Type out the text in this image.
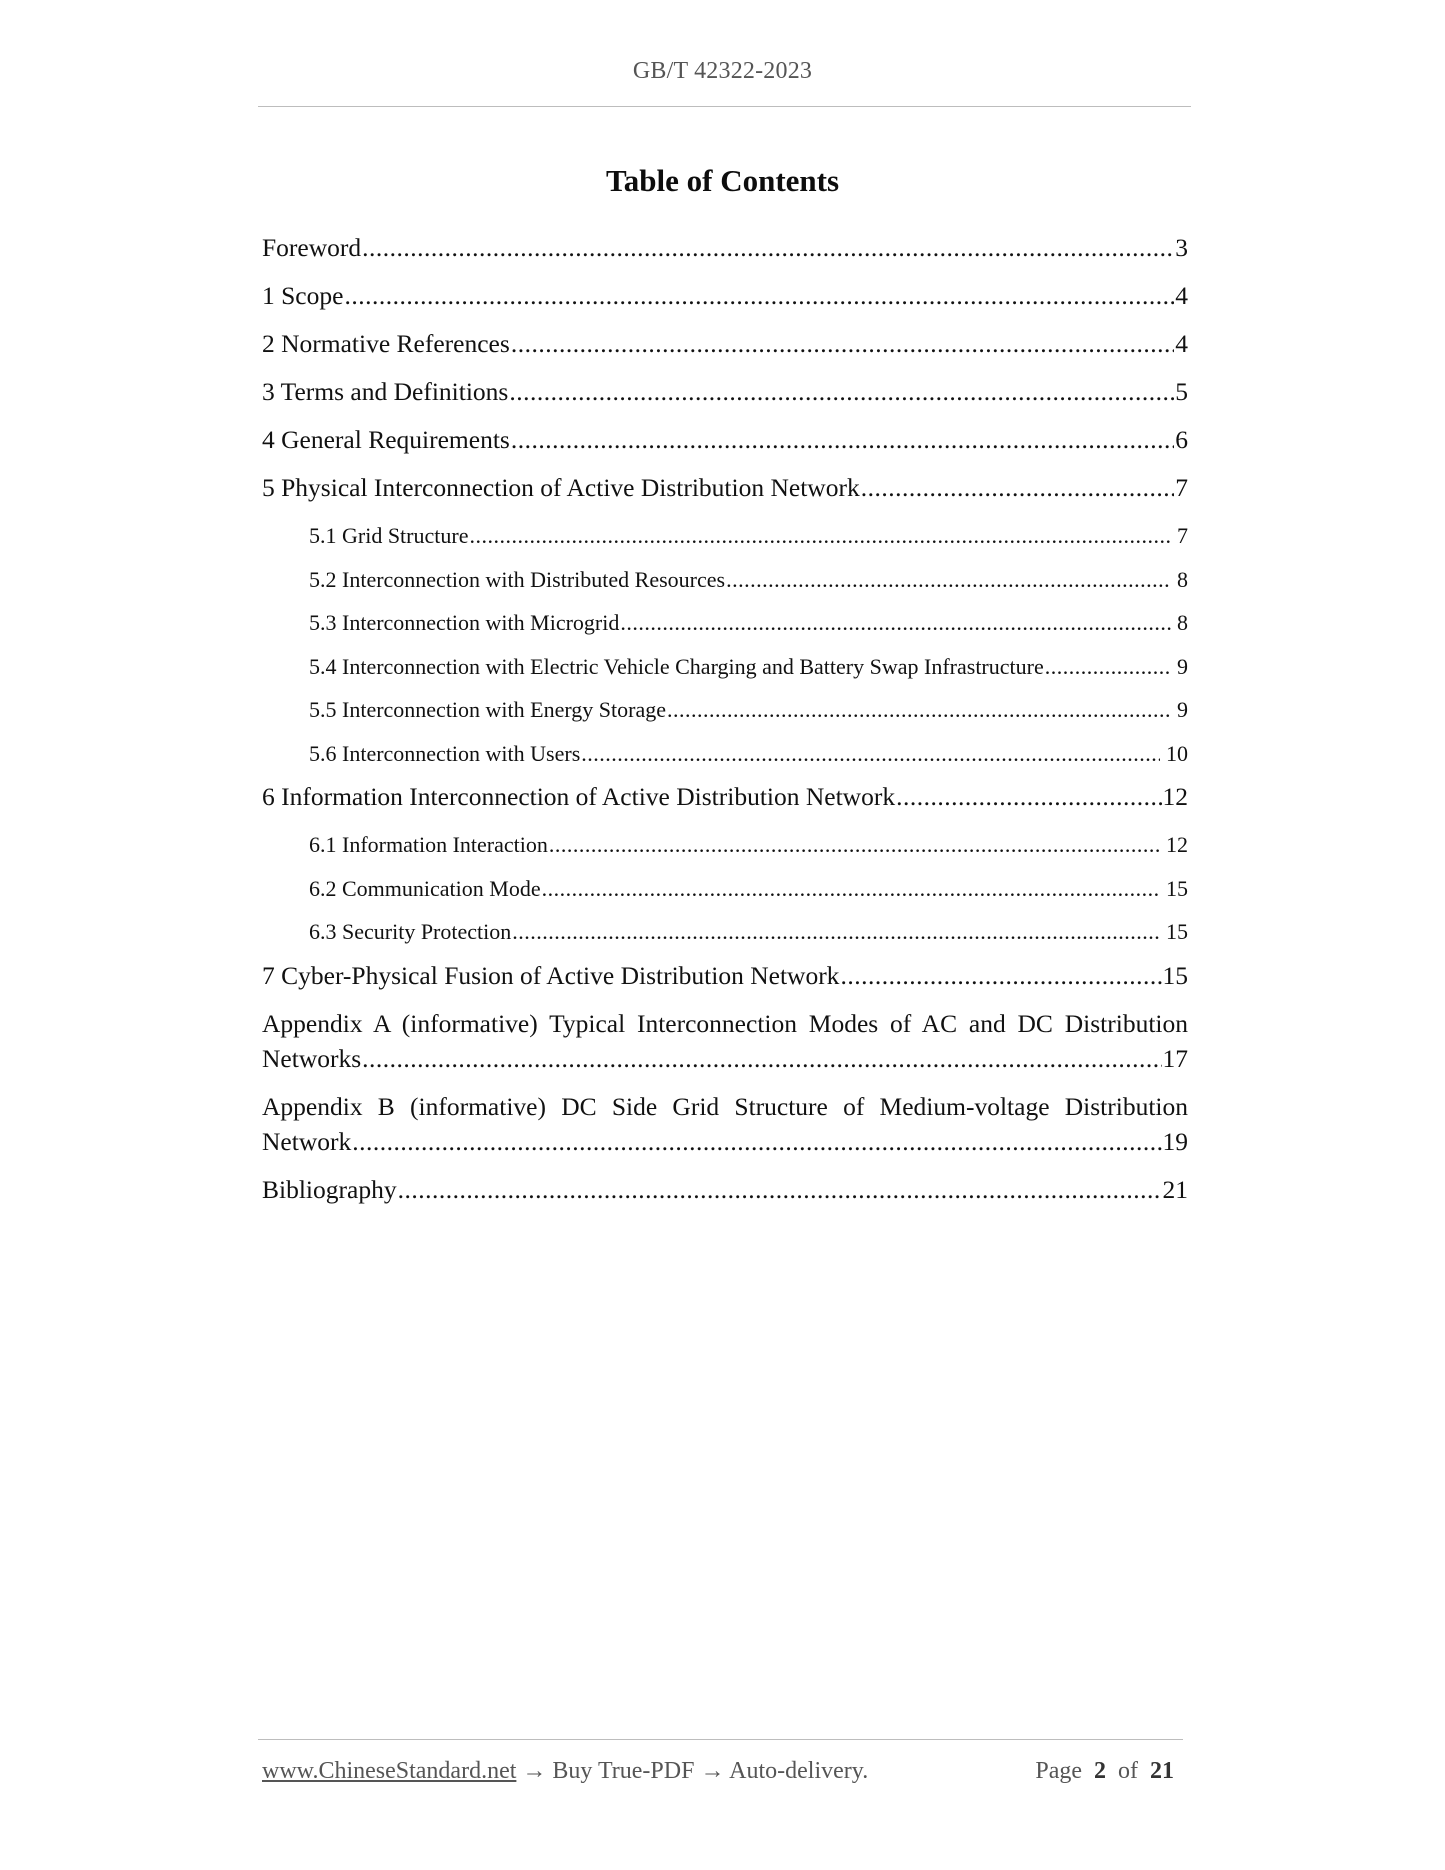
GB/T 42322-2023
Table of Contents
Foreword .....	3
1 Scope .....	4
2 Normative References .....	4
3 Terms and Definitions .....	5
4 General Requirements .....	6
5 Physical Interconnection of Active Distribution Network .....	7
5.1 Grid Structure .....	7
5.2 Interconnection with Distributed Resources .....	8
5.3 Interconnection with Microgrid .....	8
5.4 Interconnection with Electric Vehicle Charging and Battery Swap Infrastructure .....	9
5.5 Interconnection with Energy Storage .....	9
5.6 Interconnection with Users .....	10
6 Information Interconnection of Active Distribution Network .....	12
6.1 Information Interaction .....	12
6.2 Communication Mode .....	15
6.3 Security Protection .....	15
7 Cyber-Physical Fusion of Active Distribution Network .....	15
Appendix A (informative) Typical Interconnection Modes of AC and DC Distribution
Networks .....	17
Appendix B (informative) DC Side Grid Structure of Medium-voltage Distribution
Network .....	19
Bibliography .....	21
www.ChineseStandard.net → Buy True-PDF → Auto-delivery.	Page 2 of 21
